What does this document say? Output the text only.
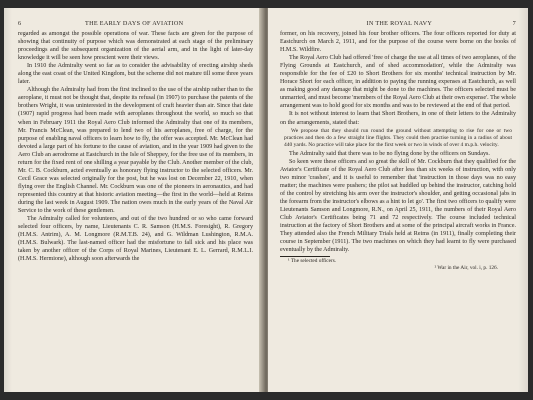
6	THE EARLY DAYS OF AVIATION

regarded as amongst the possible operations of war. These facts are given for the purpose of showing that continuity of purpose which was demonstrated at each stage of the preliminary proceedings and the subsequent organization of the aerial arm, and in the light of later-day knowledge it will be seen how prescient were their views.

In 1910 the Admiralty went so far as to consider the advisability of erecting airship sheds along the east coast of the United Kingdom, but the scheme did not mature till some three years later.

Although the Admiralty had from the first inclined to the use of the airship rather than to the aeroplane, it must not be thought that, despite its refusal (in 1907) to purchase the patents of the brothers Wright, it was uninterested in the development of craft heavier than air. Since that date (1907) rapid progress had been made with aeroplanes throughout the world, so much so that when in February 1911 the Royal Aero Club informed the Admiralty that one of its members, Mr. Francis McClean, was prepared to lend two of his aeroplanes, free of charge, for the purpose of enabling naval officers to learn how to fly, the offer was accepted. Mr. McClean had devoted a large part of his fortune to the cause of aviation, and in the year 1909 had given to the Aero Club an aerodrome at Eastchurch in the Isle of Sheppey, for the free use of its members, in return for the fixed rent of one shilling a year payable by the Club. Another member of the club, Mr. C. B. Cockburn, acted eventually as honorary flying instructor to the selected officers. Mr. Cecil Grace was selected originally for the post, but he was lost on December 22, 1910, when flying over the English Channel. Mr. Cockburn was one of the pioneers in aeronautics, and had represented this country at that historic aviation meeting—the first in the world—held at Reims during the last week in August 1909. The nation owes much in the early years of the Naval Air Service to the work of these gentlemen.

The Admiralty called for volunteers, and out of the two hundred or so who came forward selected four officers, by name, Lieutenants C. R. Samson (H.M.S. Foresight), R. Gregory (H.M.S. Antrim), A. M. Longmore (R.M.T.B. 24), and G. Wildman Lushington, R.M.A. (H.M.S. Bulwark). The last-named officer had the misfortune to fall sick and his place was taken by another officer of the Corps of Royal Marines, Lieutenant E. L. Gerrard, R.M.L.I. (H.M.S. Hermione), although soon afterwards the

IN THE ROYAL NAVY	7

former, on his recovery, joined his four brother officers. The four officers reported for duty at Eastchurch on March 2, 1911, and for the purpose of the course were borne on the books of H.M.S. Wildfire.

The Royal Aero Club had offered 'free of charge the use at all times of two aeroplanes, of the Flying Grounds at Eastchurch, and of shed accommodation', while the Admiralty was responsible for the fee of £20 to Short Brothers for six months' technical instruction by Mr. Horace Short for each officer, in addition to paying the running expenses at Eastchurch, as well as making good any damage that might be done to the machines. The officers selected must be unmarried, and must become 'members of the Royal Aero Club at their own expense'. The whole arrangement was to hold good for six months and was to be reviewed at the end of that period.

It is not without interest to learn that Short Brothers, in one of their letters to the Admiralty on the arrangements, stated that:

We propose that they should run round the ground without attempting to rise for one or two practices and then do a few straight line flights. They could then practise turning in a radius of about 440 yards. No practice will take place for the first week or two in winds of over 4 m.p.h. velocity.

The Admiralty said that there was to be no flying done by the officers on Sundays.

So keen were these officers and so great the skill of Mr. Cockburn that they qualified for the Aviator's Certificate of the Royal Aero Club after less than six weeks of instruction, with only two minor 'crashes', and it is useful to remember that 'instruction in those days was no easy matter; the machines were pushers; the pilot sat huddled up behind the instructor, catching hold of the control by stretching his arm over the instructor's shoulder, and getting occasional jabs in the forearm from the instructor's elbows as a hint to let go'. The first two officers to qualify were Lieutenants Samson and Longmore, R.N., on April 25, 1911, the numbers of their Royal Aero Club Aviator's Certificates being 71 and 72 respectively. The course included technical instruction at the factory of Short Brothers and at some of the principal aircraft works in France. They attended also the French Military Trials held at Reims (in 1911), finally completing their course in September (1911). The two machines on which they had learnt to fly were purchased eventually by the Admiralty.

¹ The selected officers.

² War in the Air, vol. i, p. 126.
